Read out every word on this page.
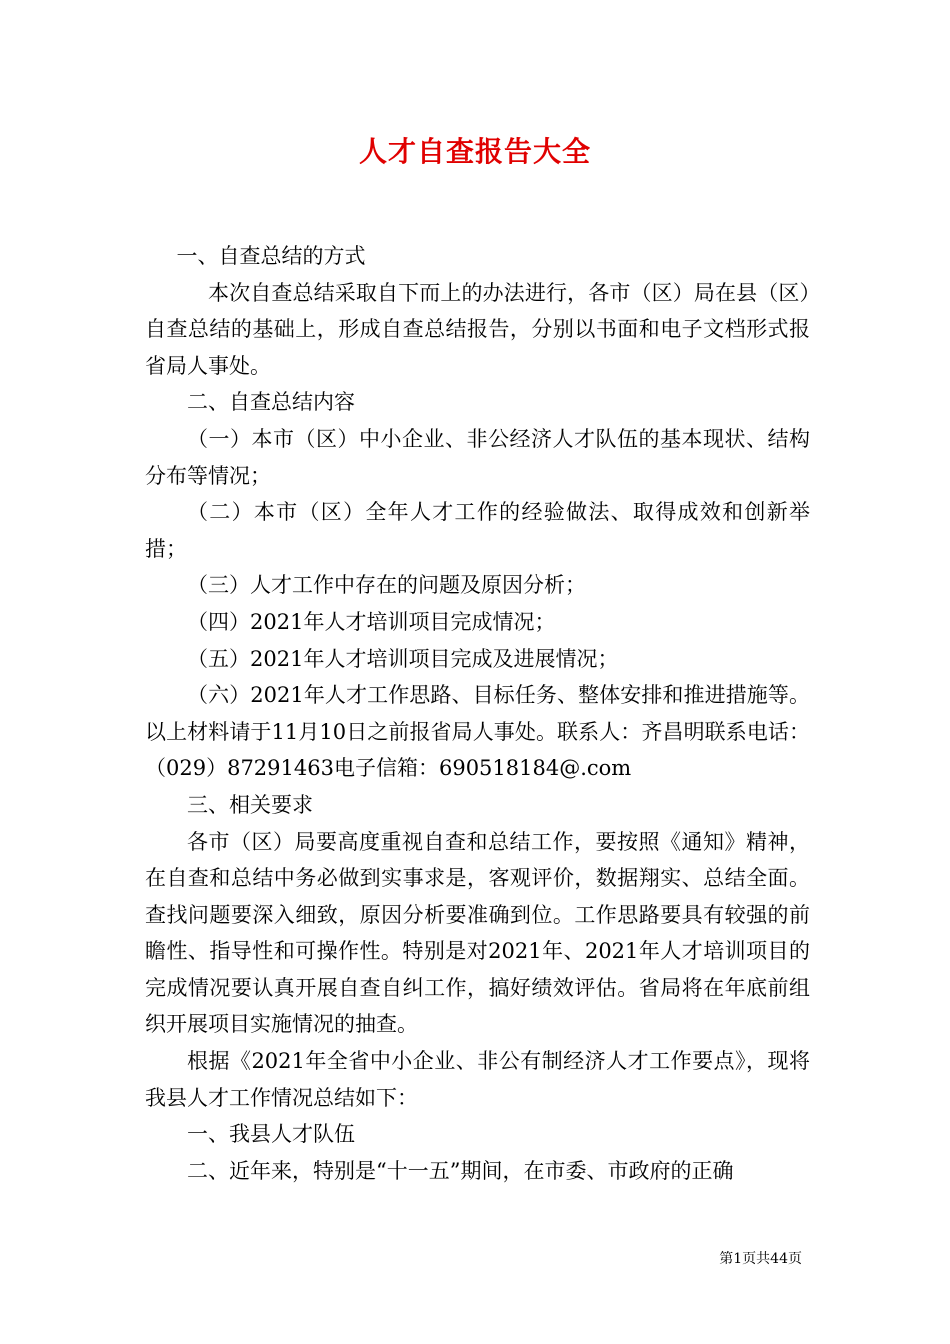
人才自查报告大全

一、自查总结的方式

本次自查总结采取自下而上的办法进行，各市（区）局在县（区）自查总结的基础上，形成自查总结报告，分别以书面和电子文档形式报省局人事处。

二、自查总结内容

（一）本市（区）中小企业、非公经济人才队伍的基本现状、结构分布等情况；

（二）本市（区）全年人才工作的经验做法、取得成效和创新举措；

（三）人才工作中存在的问题及原因分析；

（四）2021年人才培训项目完成情况；

（五）2021年人才培训项目完成及进展情况；

（六）2021年人才工作思路、目标任务、整体安排和推进措施等。以上材料请于11月10日之前报省局人事处。联系人：齐昌明联系电话：（029）87291463电子信箱：690518184@.com

三、相关要求

各市（区）局要高度重视自查和总结工作，要按照《通知》精神，在自查和总结中务必做到实事求是，客观评价，数据翔实、总结全面。查找问题要深入细致，原因分析要准确到位。工作思路要具有较强的前瞻性、指导性和可操作性。特别是对2021年、2021年人才培训项目的完成情况要认真开展自查自纠工作，搞好绩效评估。省局将在年底前组织开展项目实施情况的抽查。

根据《2021年全省中小企业、非公有制经济人才工作要点》，现将我县人才工作情况总结如下：

一、我县人才队伍

二、近年来，特别是“十一五”期间，在市委、市政府的正确

第1页共44页
